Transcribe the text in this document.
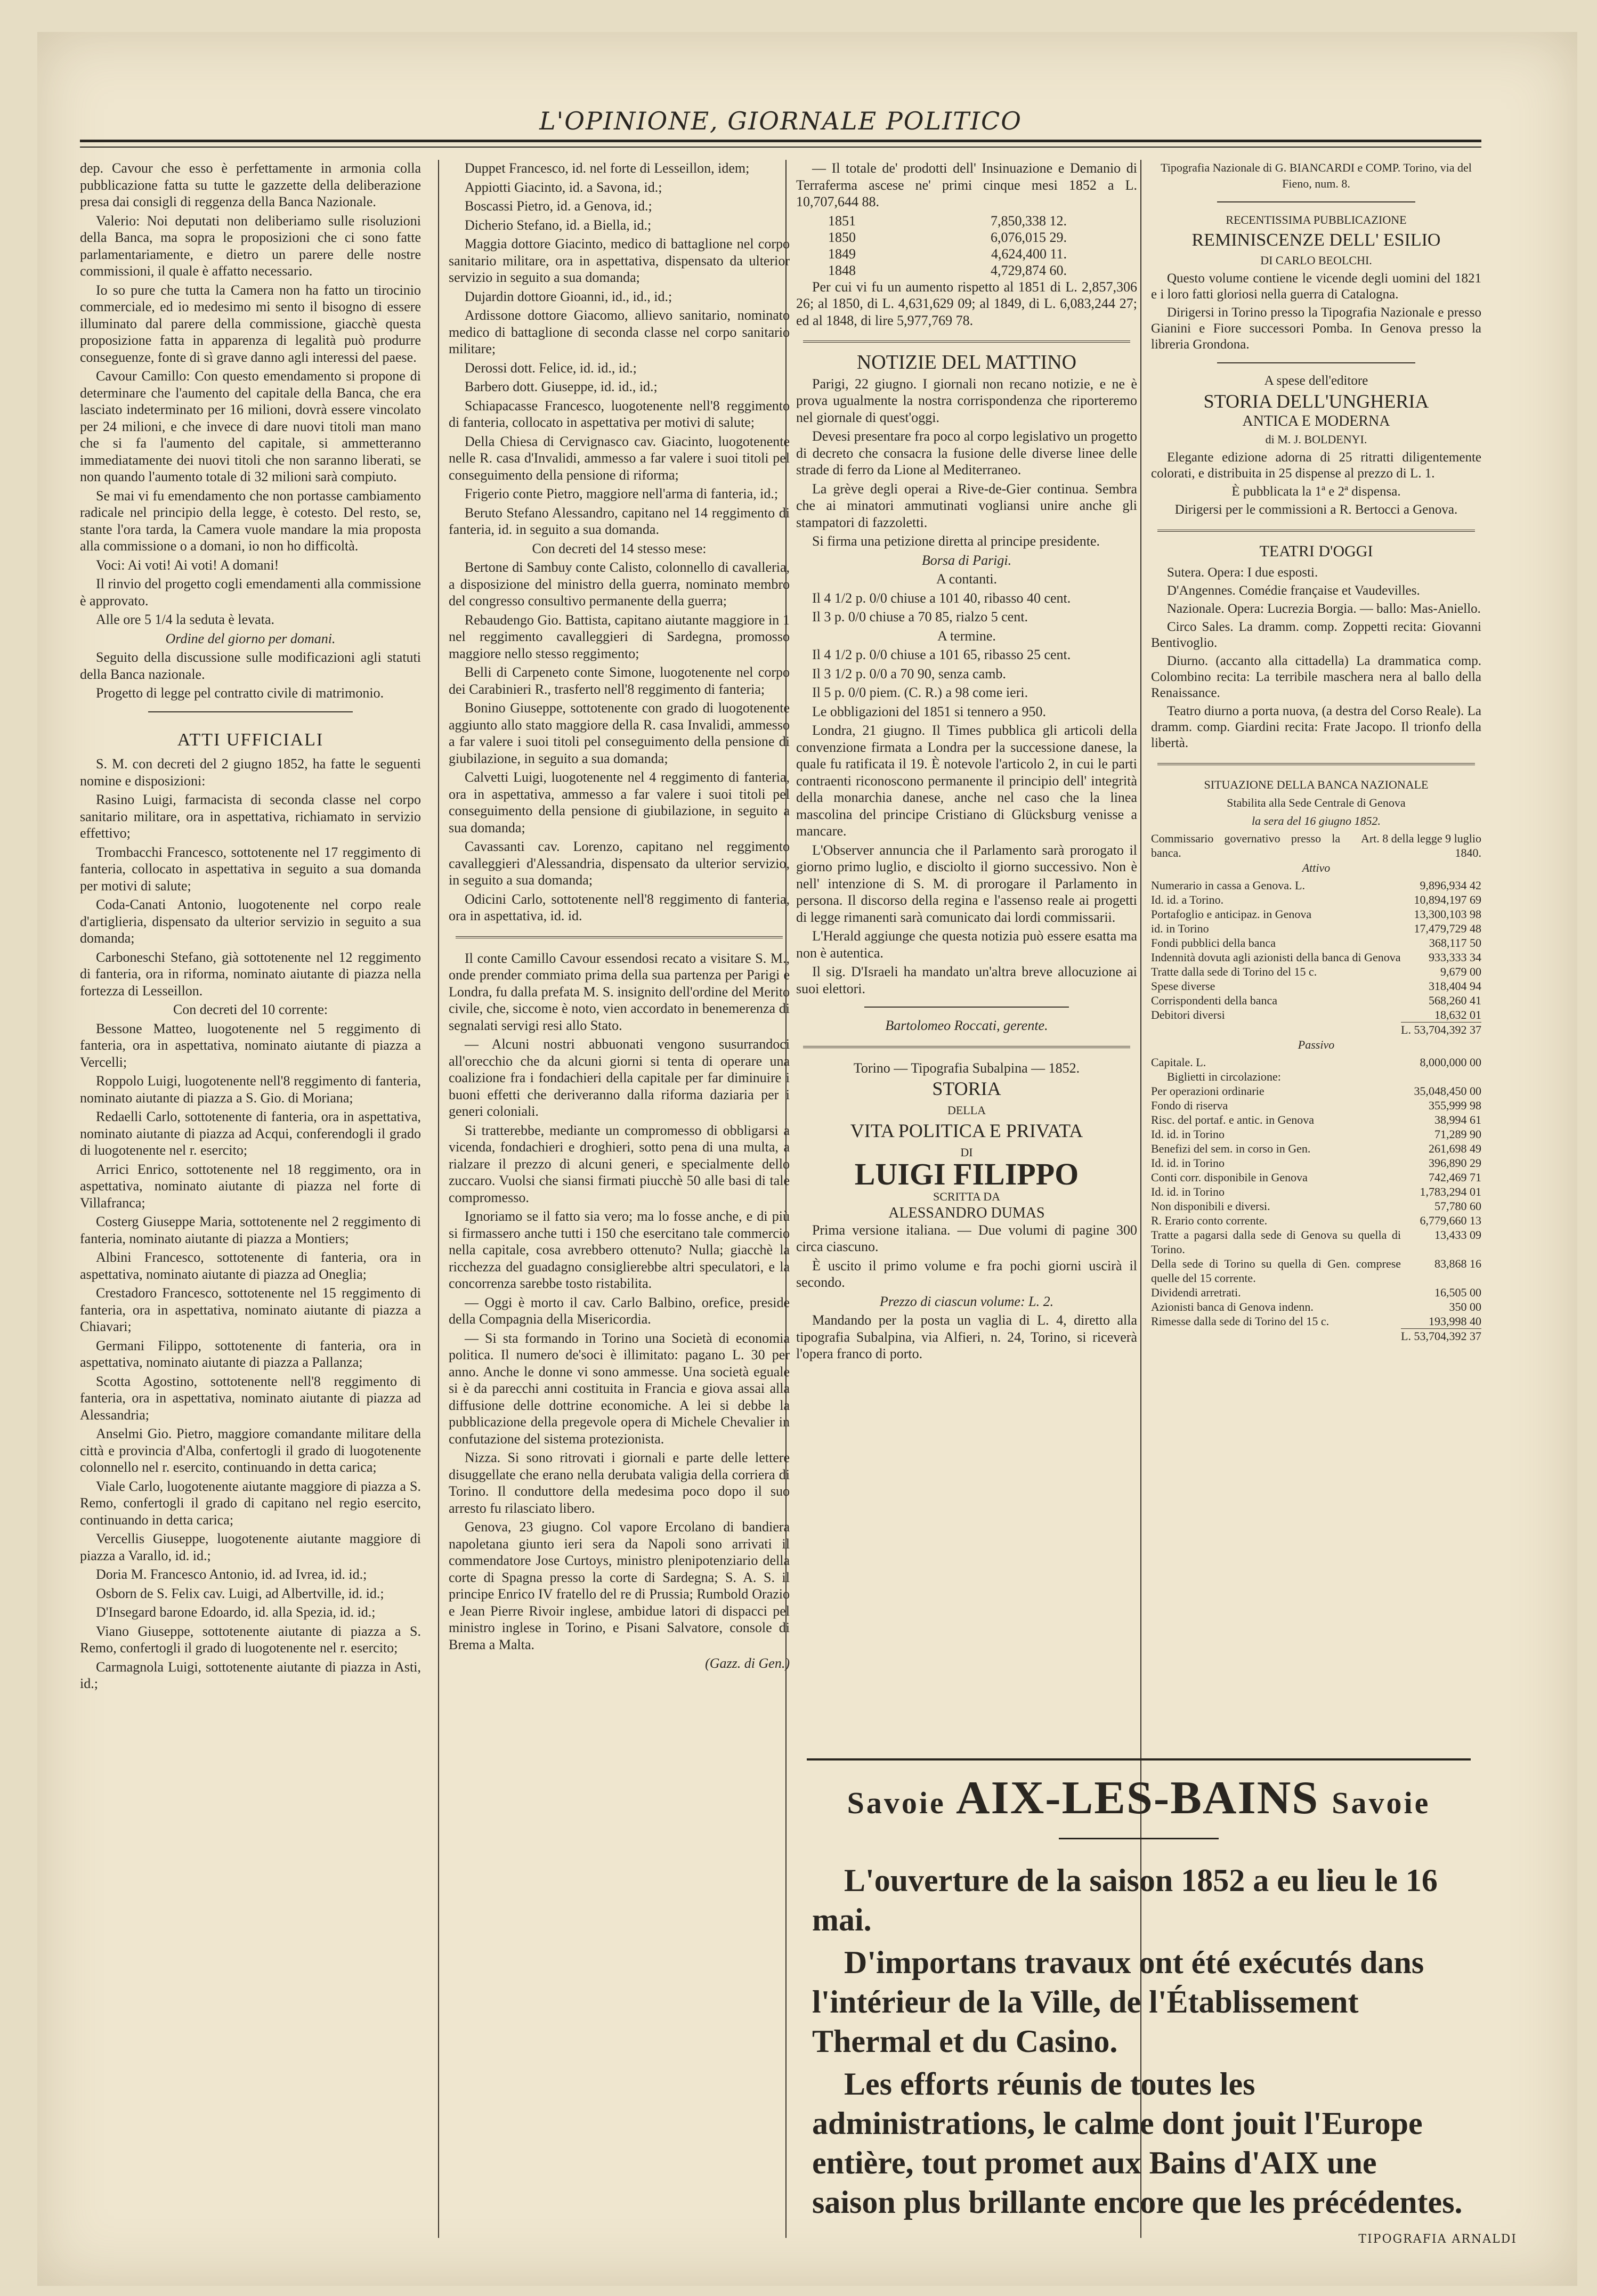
L'OPINIONE, GIORNALE POLITICO

dep. Cavour che esso è perfettamente in armonia colla pubblicazione fatta su tutte le gazzette della deliberazione presa dai consigli di reggenza della Banca Nazionale.

Valerio: Noi deputati non deliberiamo sulle risoluzioni della Banca, ma sopra le proposizioni che ci sono fatte parlamentariamente, e dietro un parere delle nostre commissioni, il quale è affatto necessario.

Io so pure che tutta la Camera non ha fatto un tirocinio commerciale, ed io medesimo mi sento il bisogno di essere illuminato dal parere della commissione, giacchè questa proposizione fatta in apparenza di legalità può produrre conseguenze, fonte di sì grave danno agli interessi del paese.

Cavour Camillo: Con questo emendamento si propone di determinare che l'aumento del capitale della Banca, che era lasciato indeterminato per 16 milioni, dovrà essere vincolato per 24 milioni, e che invece di dare nuovi titoli man mano che si fa l'aumento del capitale, si ammetteranno immediatamente dei nuovi titoli che non saranno liberati, se non quando l'aumento totale di 32 milioni sarà compiuto.

Se mai vi fu emendamento che non portasse cambiamento radicale nel principio della legge, è cotesto. Del resto, se, stante l'ora tarda, la Camera vuole mandare la mia proposta alla commissione o a domani, io non ho difficoltà.

Voci: Ai voti! Ai voti! A domani!

Il rinvio del progetto cogli emendamenti alla commissione è approvato.

Alle ore 5 1/4 la seduta è levata.

Ordine del giorno per domani.

Seguito della discussione sulle modificazioni agli statuti della Banca nazionale.

Progetto di legge pel contratto civile di matrimonio.

ATTI UFFICIALI

S. M. con decreti del 2 giugno 1852, ha fatte le seguenti nomine e disposizioni:

Rasino Luigi, farmacista di seconda classe nel corpo sanitario militare, ora in aspettativa, richiamato in servizio effettivo;

Trombacchi Francesco, sottotenente nel 17 reggimento di fanteria, collocato in aspettativa in seguito a sua domanda per motivi di salute;

Coda-Canati Antonio, luogotenente nel corpo reale d'artiglieria, dispensato da ulterior servizio in seguito a sua domanda;

Carboneschi Stefano, già sottotenente nel 12 reggimento di fanteria, ora in riforma, nominato aiutante di piazza nella fortezza di Lesseillon.

Con decreti del 10 corrente:

Bessone Matteo, luogotenente nel 5 reggimento di fanteria, ora in aspettativa, nominato aiutante di piazza a Vercelli;

Roppolo Luigi, luogotenente nell'8 reggimento di fanteria, nominato aiutante di piazza a S. Gio. di Moriana;

Redaelli Carlo, sottotenente di fanteria, ora in aspettativa, nominato aiutante di piazza ad Acqui, conferendogli il grado di luogotenente nel r. esercito;

Arrici Enrico, sottotenente nel 18 reggimento, ora in aspettativa, nominato aiutante di piazza nel forte di Villafranca;

Costerg Giuseppe Maria, sottotenente nel 2 reggimento di fanteria, nominato aiutante di piazza a Montiers;

Albini Francesco, sottotenente di fanteria, ora in aspettativa, nominato aiutante di piazza ad Oneglia;

Crestadoro Francesco, sottotenente nel 15 reggimento di fanteria, ora in aspettativa, nominato aiutante di piazza a Chiavari;

Germani Filippo, sottotenente di fanteria, ora in aspettativa, nominato aiutante di piazza a Pallanza;

Scotta Agostino, sottotenente nell'8 reggimento di fanteria, ora in aspettativa, nominato aiutante di piazza ad Alessandria;

Anselmi Gio. Pietro, maggiore comandante militare della città e provincia d'Alba, confertogli il grado di luogotenente colonnello nel r. esercito, continuando in detta carica;

Viale Carlo, luogotenente aiutante maggiore di piazza a S. Remo, confertogli il grado di capitano nel regio esercito, continuando in detta carica;

Vercellis Giuseppe, luogotenente aiutante maggiore di piazza a Varallo, id. id.;

Doria M. Francesco Antonio, id. ad Ivrea, id. id.;

Osborn de S. Felix cav. Luigi, ad Albertville, id. id.;

D'Insegard barone Edoardo, id. alla Spezia, id. id.;

Viano Giuseppe, sottotenente aiutante di piazza a S. Remo, confertogli il grado di luogotenente nel r. esercito;

Carmagnola Luigi, sottotenente aiutante di piazza in Asti, id.;

Duppet Francesco, id. nel forte di Lesseillon, idem;

Appiotti Giacinto, id. a Savona, id.;

Boscassi Pietro, id. a Genova, id.;

Dicherio Stefano, id. a Biella, id.;

Maggia dottore Giacinto, medico di battaglione nel corpo sanitario militare, ora in aspettativa, dispensato da ulterior servizio in seguito a sua domanda;

Dujardin dottore Gioanni, id., id., id.;

Ardissone dottore Giacomo, allievo sanitario, nominato medico di battaglione di seconda classe nel corpo sanitario militare;

Derossi dott. Felice, id. id., id.;

Barbero dott. Giuseppe, id. id., id.;

Schiapacasse Francesco, luogotenente nell'8 reggimento di fanteria, collocato in aspettativa per motivi di salute;

Della Chiesa di Cervignasco cav. Giacinto, luogotenente nelle R. casa d'Invalidi, ammesso a far valere i suoi titoli pel conseguimento della pensione di riforma;

Frigerio conte Pietro, maggiore nell'arma di fanteria, id.;

Beruto Stefano Alessandro, capitano nel 14 reggimento di fanteria, id. in seguito a sua domanda.

Con decreti del 14 stesso mese:

Bertone di Sambuy conte Calisto, colonnello di cavalleria, a disposizione del ministro della guerra, nominato membro del congresso consultivo permanente della guerra;

Rebaudengo Gio. Battista, capitano aiutante maggiore in 1 nel reggimento cavalleggieri di Sardegna, promosso maggiore nello stesso reggimento;

Belli di Carpeneto conte Simone, luogotenente nel corpo dei Carabinieri R., trasferto nell'8 reggimento di fanteria;

Bonino Giuseppe, sottotenente con grado di luogotenente aggiunto allo stato maggiore della R. casa Invalidi, ammesso a far valere i suoi titoli pel conseguimento della pensione di giubilazione, in seguito a sua domanda;

Calvetti Luigi, luogotenente nel 4 reggimento di fanteria, ora in aspettativa, ammesso a far valere i suoi titoli pel conseguimento della pensione di giubilazione, in seguito a sua domanda;

Cavassanti cav. Lorenzo, capitano nel reggimento cavalleggieri d'Alessandria, dispensato da ulterior servizio, in seguito a sua domanda;

Odicini Carlo, sottotenente nell'8 reggimento di fanteria, ora in aspettativa, id. id.

Il conte Camillo Cavour essendosi recato a visitare S. M., onde prender commiato prima della sua partenza per Parigi e Londra, fu dalla prefata M. S. insignito dell'ordine del Merito civile, che, siccome è noto, vien accordato in benemerenza di segnalati servigi resi allo Stato.

— Alcuni nostri abbuonati vengono susurrandoci all'orecchio che da alcuni giorni si tenta di operare una coalizione fra i fondachieri della capitale per far diminuire i buoni effetti che deriveranno dalla riforma daziaria per i generi coloniali.

Si tratterebbe, mediante un compromesso di obbligarsi a vicenda, fondachieri e droghieri, sotto pena di una multa, a rialzare il prezzo di alcuni generi, e specialmente dello zuccaro. Vuolsi che siansi firmati piucchè 50 alle basi di tale compromesso.

Ignoriamo se il fatto sia vero; ma lo fosse anche, e di più si firmassero anche tutti i 150 che esercitano tale commercio nella capitale, cosa avrebbero ottenuto? Nulla; giacchè la ricchezza del guadagno consiglierebbe altri speculatori, e la concorrenza sarebbe tosto ristabilita.

— Oggi è morto il cav. Carlo Balbino, orefice, preside della Compagnia della Misericordia.

— Si sta formando in Torino una Società di economia politica. Il numero de'soci è illimitato: pagano L. 30 per anno. Anche le donne vi sono ammesse. Una società eguale si è da parecchi anni costituita in Francia e giova assai alla diffusione delle dottrine economiche. A lei si debbe la pubblicazione della pregevole opera di Michele Chevalier in confutazione del sistema protezionista.

Nizza. Si sono ritrovati i giornali e parte delle lettere disuggellate che erano nella derubata valigia della corriera di Torino. Il conduttore della medesima poco dopo il suo arresto fu rilasciato libero.

Genova, 23 giugno. Col vapore Ercolano di bandiera napoletana giunto ieri sera da Napoli sono arrivati il commendatore Jose Curtoys, ministro plenipotenziario della corte di Spagna presso la corte di Sardegna; S. A. S. il principe Enrico IV fratello del re di Prussia; Rumbold Orazio e Jean Pierre Rivoir inglese, ambidue latori di dispacci pel ministro inglese in Torino, e Pisani Salvatore, console di Brema a Malta.

(Gazz. di Gen.)

— Il totale de' prodotti dell' Insinuazione e Demanio di Terraferma ascese ne' primi cinque mesi 1852 a L. 10,707,644 88.

1851	7,850,338 12.
1850	6,076,015 29.
1849	4,624,400 11.
1848	4,729,874 60.

Per cui vi fu un aumento rispetto al 1851 di L. 2,857,306 26; al 1850, di L. 4,631,629 09; al 1849, di L. 6,083,244 27; ed al 1848, di lire 5,977,769 78.

NOTIZIE DEL MATTINO

Parigi, 22 giugno. I giornali non recano notizie, e ne è prova ugualmente la nostra corrispondenza che riporteremo nel giornale di quest'oggi.

Devesi presentare fra poco al corpo legislativo un progetto di decreto che consacra la fusione delle diverse linee delle strade di ferro da Lione al Mediterraneo.

La grève degli operai a Rive-de-Gier continua. Sembra che ai minatori ammutinati vogliansi unire anche gli stampatori di fazzoletti.

Si firma una petizione diretta al principe presidente.

Borsa di Parigi.

A contanti.

Il 4 1/2 p. 0/0 chiuse a 101 40, ribasso 40 cent.

Il 3 p. 0/0 chiuse a 70 85, rialzo 5 cent.

A termine.

Il 4 1/2 p. 0/0 chiuse a 101 65, ribasso 25 cent.

Il 3 1/2 p. 0/0 a 70 90, senza camb.

Il 5 p. 0/0 piem. (C. R.) a 98 come ieri.

Le obbligazioni del 1851 si tennero a 950.

Londra, 21 giugno. Il Times pubblica gli articoli della convenzione firmata a Londra per la successione danese, la quale fu ratificata il 19. È notevole l'articolo 2, in cui le parti contraenti riconoscono permanente il principio dell' integrità della monarchia danese, anche nel caso che la linea mascolina del principe Cristiano di Glücksburg venisse a mancare.

L'Observer annuncia che il Parlamento sarà prorogato il giorno primo luglio, e disciolto il giorno successivo. Non è nell' intenzione di S. M. di prorogare il Parlamento in persona. Il discorso della regina e l'assenso reale ai progetti di legge rimanenti sarà comunicato dai lordi commissarii.

L'Herald aggiunge che questa notizia può essere esatta ma non è autentica.

Il sig. D'Israeli ha mandato un'altra breve allocuzione ai suoi elettori.

Bartolomeo Roccati, gerente.

Torino — Tipografia Subalpina — 1852.

STORIA
DELLA
VITA POLITICA E PRIVATA
DI
LUIGI FILIPPO
SCRITTA DA
ALESSANDRO DUMAS

Prima versione italiana. — Due volumi di pagine 300 circa ciascuno.

È uscito il primo volume e fra pochi giorni uscirà il secondo.

Prezzo di ciascun volume: L. 2.

Mandando per la posta un vaglia di L. 4, diretto alla tipografia Subalpina, via Alfieri, n. 24, Torino, si riceverà l'opera franco di porto.

Tipografia Nazionale di G. BIANCARDI e COMP. Torino, via del Fieno, num. 8.

RECENTISSIMA PUBBLICAZIONE

REMINISCENZE DELL' ESILIO

DI CARLO BEOLCHI.

Questo volume contiene le vicende degli uomini del 1821 e i loro fatti gloriosi nella guerra di Catalogna.

Dirigersi in Torino presso la Tipografia Nazionale e presso Gianini e Fiore successori Pomba. In Genova presso la libreria Grondona.

A spese dell'editore

STORIA DELL'UNGHERIA

ANTICA E MODERNA

di M. J. BOLDENYI.

Elegante edizione adorna di 25 ritratti diligentemente colorati, e distribuita in 25 dispense al prezzo di L. 1.

È pubblicata la 1ª e 2ª dispensa.

Dirigersi per le commissioni a R. Bertocci a Genova.

TEATRI D'OGGI

Sutera. Opera: I due esposti.

D'Angennes. Comédie française et Vaudevilles.

Nazionale. Opera: Lucrezia Borgia. — ballo: Mas-Aniello.

Circo Sales. La dramm. comp. Zoppetti recita: Giovanni Bentivoglio.

Diurno. (accanto alla cittadella) La drammatica comp. Colombino recita: La terribile maschera nera al ballo della Renaissance.

Teatro diurno a porta nuova, (a destra del Corso Reale). La dramm. comp. Giardini recita: Frate Jacopo. Il trionfo della libertà.

SITUAZIONE DELLA BANCA NAZIONALE

Stabilita alla Sede Centrale di Genova

la sera del 16 giugno 1852.

Commissario governativo presso la banca.	Art. 8 della legge 9 luglio 1840.

Attivo

Numerario in cassa a Genova. L.	9,896,934 42
Id. id. a Torino.	10,894,197 69
Portafoglio e anticipaz. in Genova	13,300,103 98
id. in Torino	17,479,729 48
Fondi pubblici della banca	368,117 50
Indennità dovuta agli azionisti della banca di Genova	933,333 34
Tratte dalla sede di Torino del 15 c.	9,679 00
Spese diverse	318,404 94
Corrispondenti della banca	568,260 41
Debitori diversi	18,632 01
	L. 53,704,392 37

Passivo

Capitale. L.	8,000,000 00
Biglietti in circolazione:	
Per operazioni ordinarie	35,048,450 00
Fondo di riserva	355,999 98
Risc. del portaf. e antic. in Genova	38,994 61
Id. id. in Torino	71,289 90
Benefizi del sem. in corso in Gen.	261,698 49
Id. id. in Torino	396,890 29
Conti corr. disponibile in Genova	742,469 71
Id. id. in Torino	1,783,294 01
Non disponibili e diversi.	57,780 60
R. Erario conto corrente.	6,779,660 13
Tratte a pagarsi dalla sede di Genova su quella di Torino.	13,433 09
Della sede di Torino su quella di Gen. comprese quelle del 15 corrente.	83,868 16
Dividendi arretrati.	16,505 00
Azionisti banca di Genova indenn.	350 00
Rimesse dalla sede di Torino del 15 c.	193,998 40
	L. 53,704,392 37
Savoie AIX-LES-BAINS Savoie

L'ouverture de la saison 1852 a eu lieu le 16 mai.

D'importans travaux ont été exécutés dans l'intérieur de la Ville, de l'Établissement Thermal et du Casino.

Les efforts réunis de toutes les administrations, le calme dont jouit l'Europe entière, tout promet aux Bains d'AIX une saison plus brillante encore que les précédentes.

TIPOGRAFIA ARNALDI
